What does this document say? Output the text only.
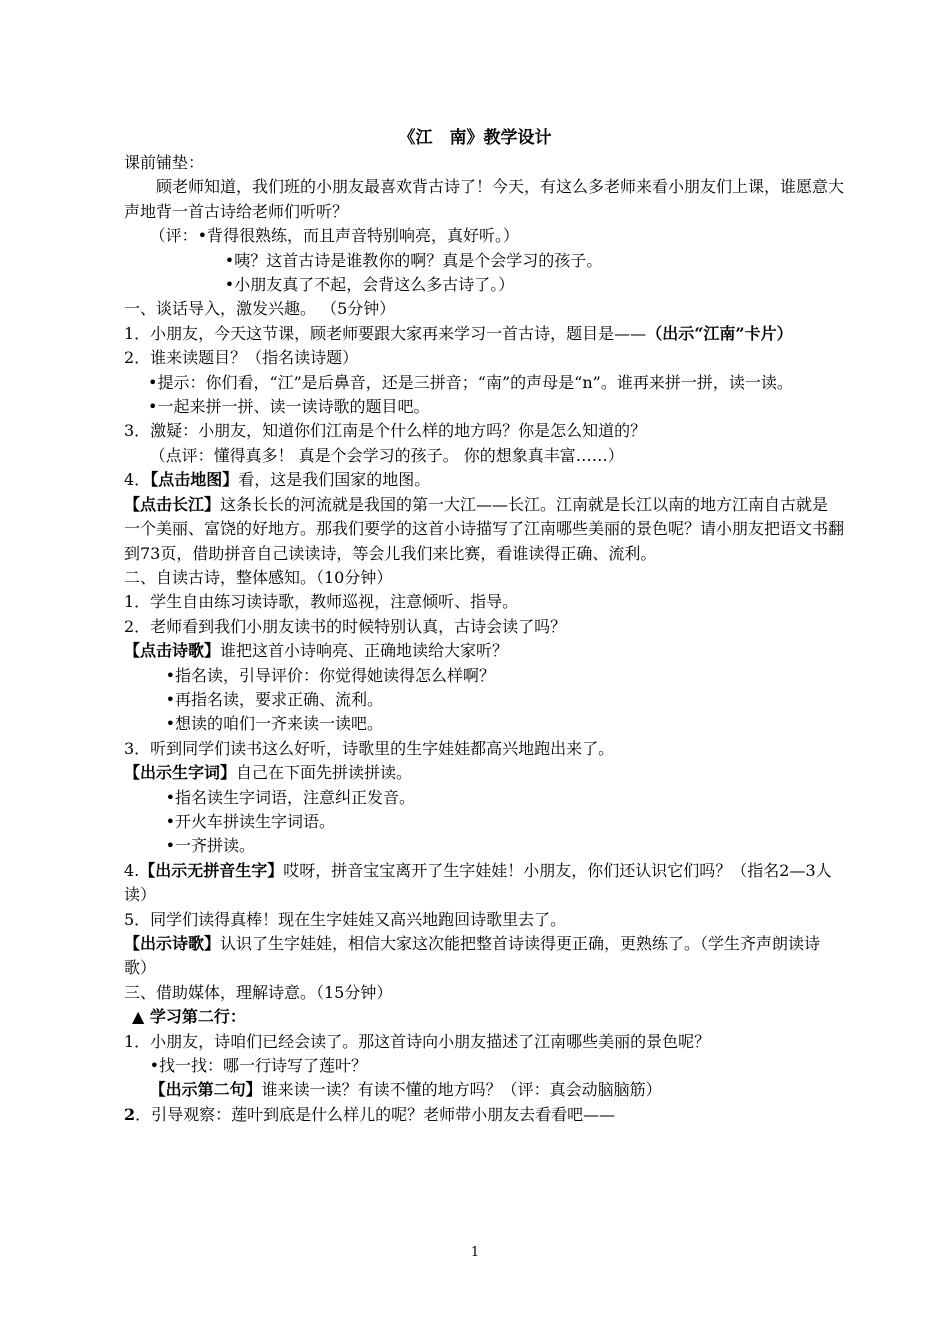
《江　南》教学设计
课前铺垫：
顾老师知道，我们班的小朋友最喜欢背古诗了！今天，有这么多老师来看小朋友们上课，谁愿意大声地背一首古诗给老师们听听？
（评：•背得很熟练，而且声音特别响亮，真好听。）
•咦？这首古诗是谁教你的啊？真是个会学习的孩子。
•小朋友真了不起，会背这么多古诗了。）
一、谈话导入，激发兴趣。 （5分钟）
1．小朋友，今天这节课，顾老师要跟大家再来学习一首古诗，题目是——（出示“江南”卡片）
2．谁来读题目？（指名读诗题）
•提示：你们看，“江”是后鼻音，还是三拼音；“南”的声母是“n”。谁再来拼一拼，读一读。
•一起来拼一拼、读一读诗歌的题目吧。
3．激疑：小朋友，知道你们江南是个什么样的地方吗？你是怎么知道的？
（点评：懂得真多！ 真是个会学习的孩子。 你的想象真丰富……）
4．【点击地图】看，这是我们国家的地图。
【点击长江】这条长长的河流就是我国的第一大江——长江。江南就是长江以南的地方江南自古就是一个美丽、富饶的好地方。那我们要学的这首小诗描写了江南哪些美丽的景色呢？请小朋友把语文书翻到73页，借助拼音自己读读诗，等会儿我们来比赛，看谁读得正确、流利。
二、自读古诗，整体感知。（10分钟）
1．学生自由练习读诗歌，教师巡视，注意倾听、指导。
2．老师看到我们小朋友读书的时候特别认真，古诗会读了吗？
【点击诗歌】谁把这首小诗响亮、正确地读给大家听？
•指名读，引导评价：你觉得她读得怎么样啊？
•再指名读，要求正确、流利。
•想读的咱们一齐来读一读吧。
3．听到同学们读书这么好听，诗歌里的生字娃娃都高兴地跑出来了。
【出示生字词】自己在下面先拼读拼读。
•指名读生字词语，注意纠正发音。
•开火车拼读生字词语。
•一齐拼读。
4.【出示无拼音生字】哎呀，拼音宝宝离开了生字娃娃！小朋友，你们还认识它们吗？（指名2—3人读）
5．同学们读得真棒！现在生字娃娃又高兴地跑回诗歌里去了。
【出示诗歌】认识了生字娃娃，相信大家这次能把整首诗读得更正确，更熟练了。（学生齐声朗读诗歌）
三、借助媒体，理解诗意。（15分钟）
▲ 学习第二行：
1．小朋友，诗咱们已经会读了。那这首诗向小朋友描述了江南哪些美丽的景色呢？
•找一找：哪一行诗写了莲叶？
【出示第二句】谁来读一读？有读不懂的地方吗？（评：真会动脑脑筋）
2．引导观察：莲叶到底是什么样儿的呢？老师带小朋友去看看吧——
1
